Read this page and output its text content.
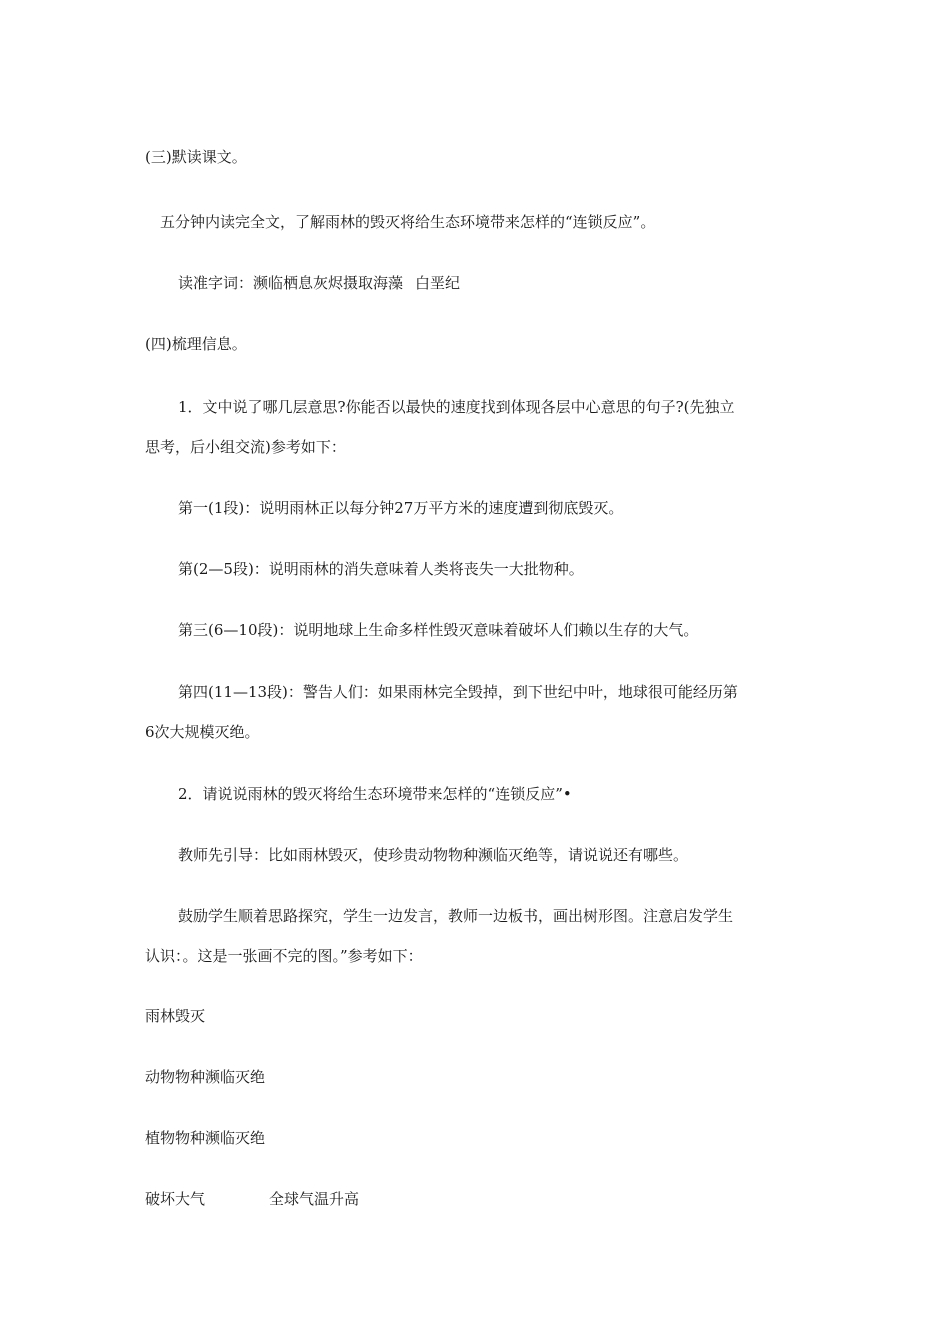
(三)默读课文。
五分钟内读完全文，了解雨林的毁灭将给生态环境带来怎样的“连锁反应”。
读准字词：濒临栖息灰烬摄取海藻 白垩纪
(四)梳理信息。
1．文中说了哪几层意思?你能否以最快的速度找到体现各层中心意思的句子?(先独立
思考，后小组交流)参考如下：
第一(1段)：说明雨林正以每分钟27万平方米的速度遭到彻底毁灭。
第(2—5段)：说明雨林的消失意味着人类将丧失一大批物种。
第三(6—10段)：说明地球上生命多样性毁灭意味着破坏人们赖以生存的大气。
第四(11—13段)：警告人们：如果雨林完全毁掉，到下世纪中叶，地球很可能经历第
6次大规模灭绝。
2．请说说雨林的毁灭将给生态环境带来怎样的“连锁反应”•
教师先引导：比如雨林毁灭，使珍贵动物物种濒临灭绝等，请说说还有哪些。
鼓励学生顺着思路探究，学生一边发言，教师一边板书，画出树形图。注意启发学生
认识：。这是一张画不完的图。”参考如下：
雨林毁灭
动物物种濒临灭绝
植物物种濒临灭绝
破坏大气	全球气温升高
